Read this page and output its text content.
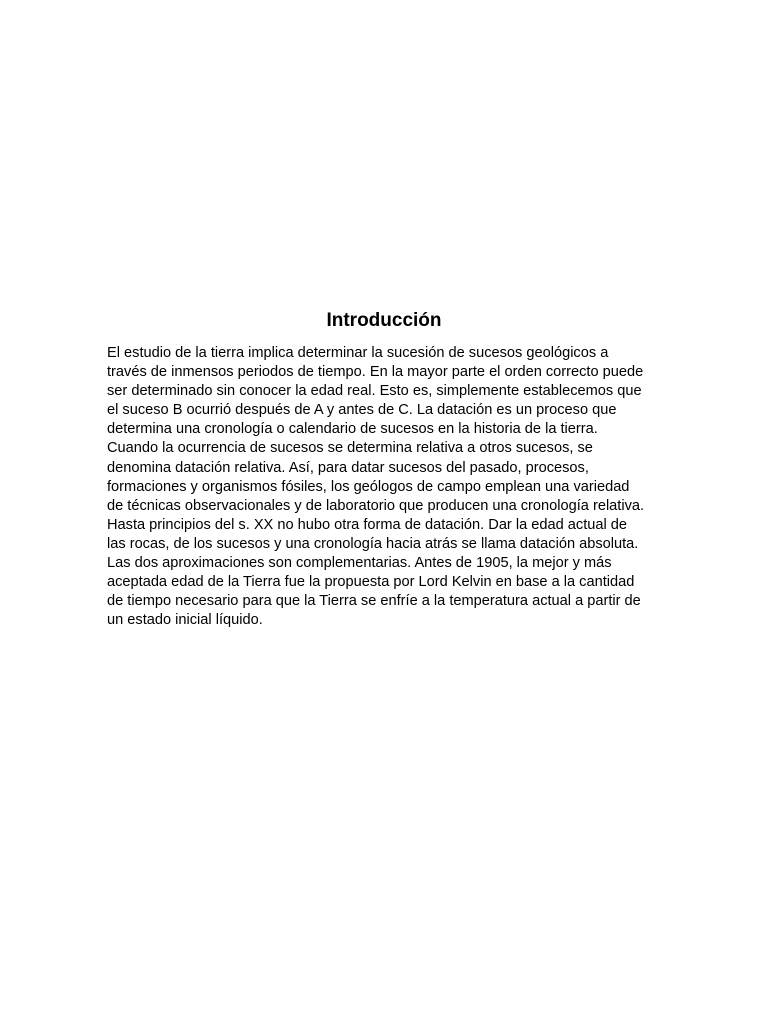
Introducción

El estudio de la tierra implica determinar la sucesión de sucesos geológicos a
través de inmensos periodos de tiempo. En la mayor parte el orden correcto puede
ser determinado sin conocer la edad real. Esto es, simplemente establecemos que
el suceso B ocurrió después de A y antes de C. La datación es un proceso que
determina una cronología o calendario de sucesos en la historia de la tierra.
Cuando la ocurrencia de sucesos se determina relativa a otros sucesos, se
denomina datación relativa. Así, para datar sucesos del pasado, procesos,
formaciones y organismos fósiles, los geólogos de campo emplean una variedad
de técnicas observacionales y de laboratorio que producen una cronología relativa.
Hasta principios del s. XX no hubo otra forma de datación. Dar la edad actual de
las rocas, de los sucesos y una cronología hacia atrás se llama datación absoluta.
Las dos aproximaciones son complementarias. Antes de 1905, la mejor y más
aceptada edad de la Tierra fue la propuesta por Lord Kelvin en base a la cantidad
de tiempo necesario para que la Tierra se enfríe a la temperatura actual a partir de
un estado inicial líquido.
